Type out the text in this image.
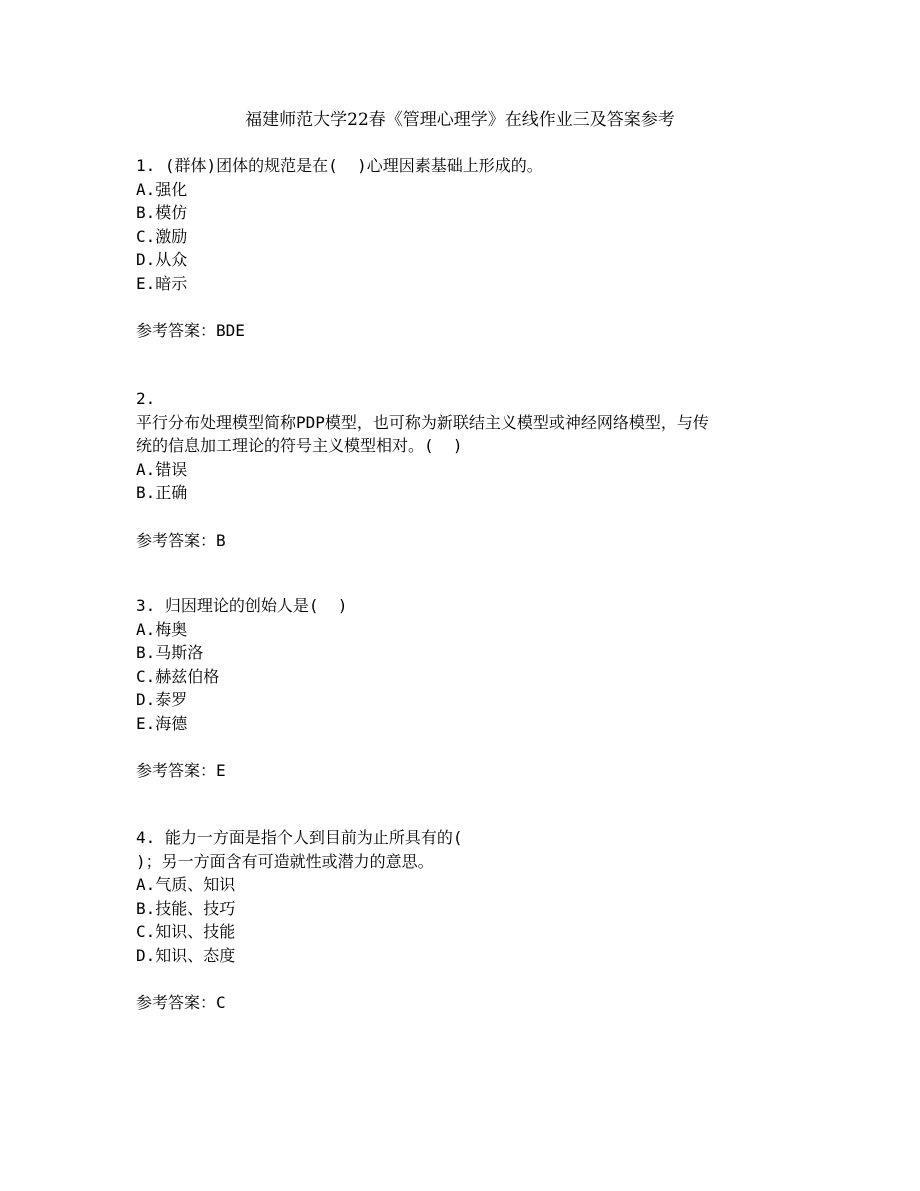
福建师范大学22春《管理心理学》在线作业三及答案参考
1. (群体)团体的规范是在(  )心理因素基础上形成的。
A.强化
B.模仿
C.激励
D.从众
E.暗示
参考答案：BDE
2.
平行分布处理模型简称PDP模型，也可称为新联结主义模型或神经网络模型，与传
统的信息加工理论的符号主义模型相对。(  )
A.错误
B.正确
参考答案：B
3. 归因理论的创始人是(  )
A.梅奥
B.马斯洛
C.赫兹伯格
D.泰罗
E.海德
参考答案：E
4. 能力一方面是指个人到目前为止所具有的(
)；另一方面含有可造就性或潜力的意思。
A.气质、知识
B.技能、技巧
C.知识、技能
D.知识、态度
参考答案：C
